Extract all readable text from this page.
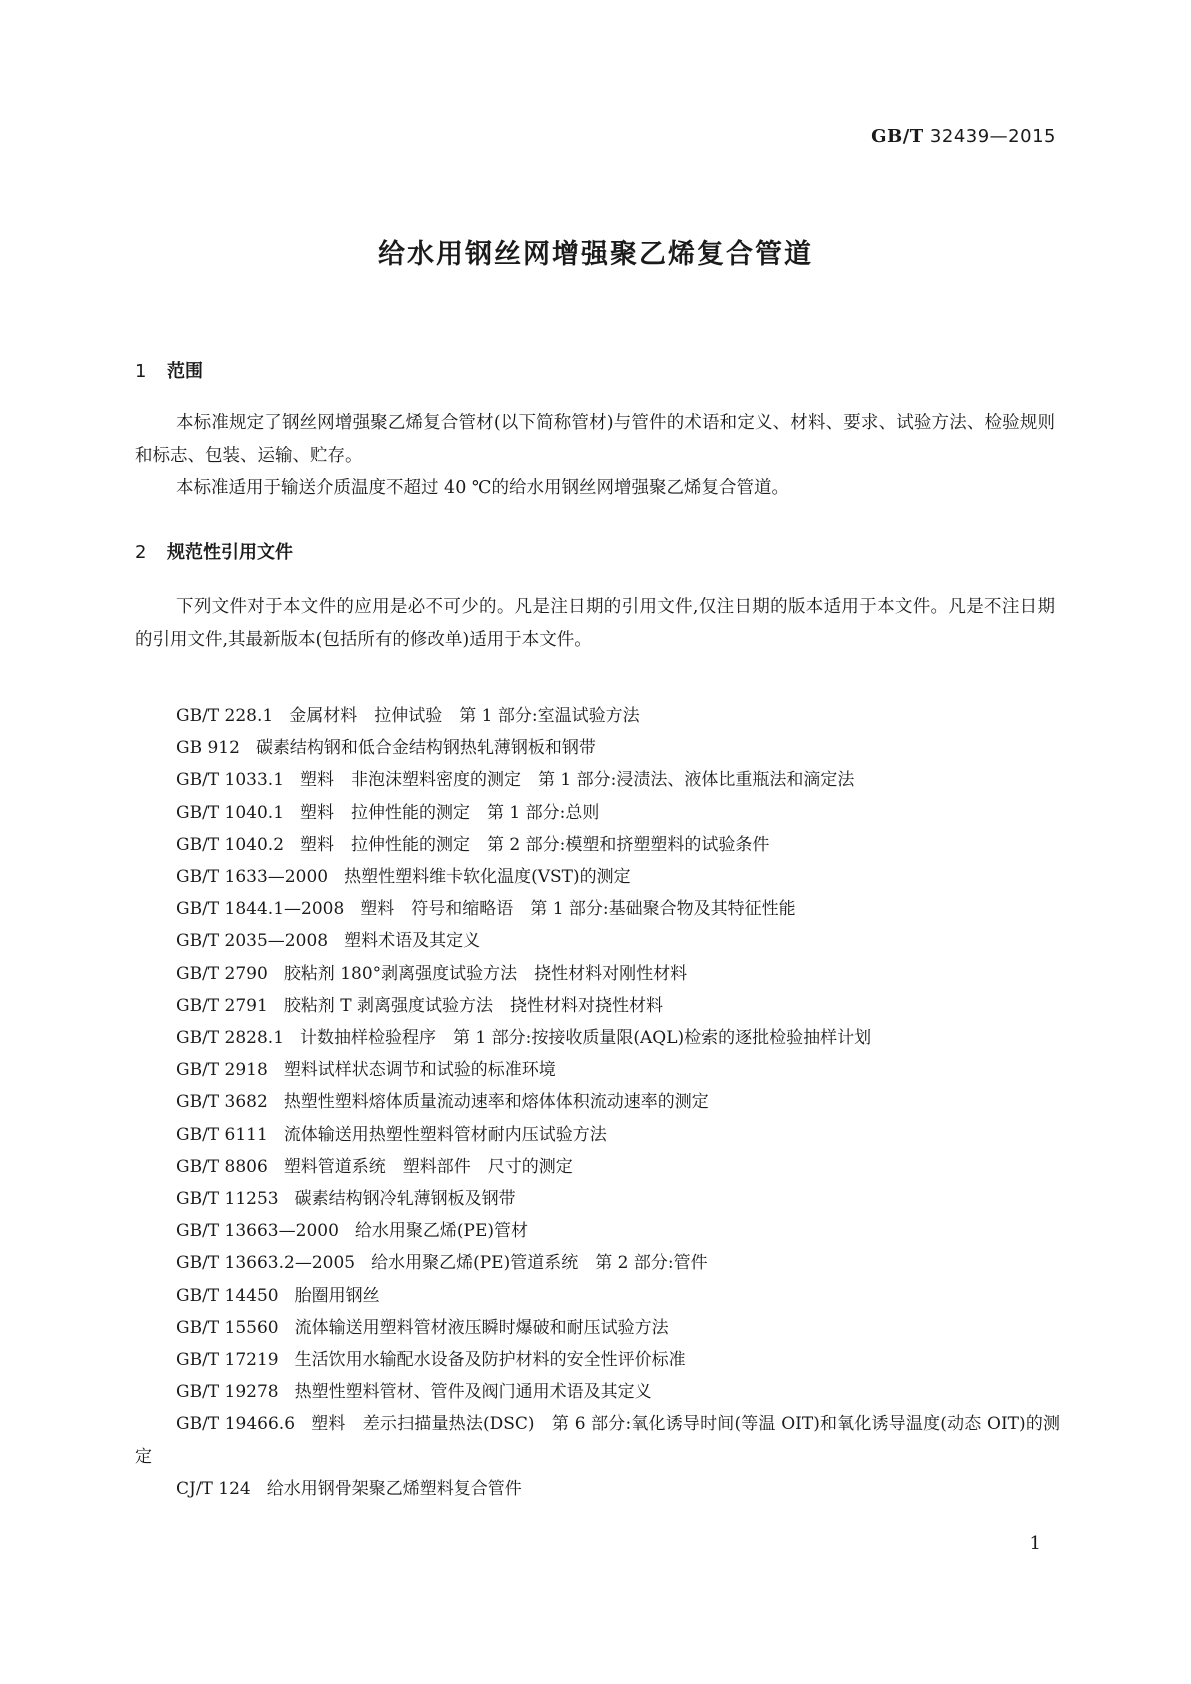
GB/T 32439—2015
给水用钢丝网增强聚乙烯复合管道
1 范围
本标准规定了钢丝网增强聚乙烯复合管材(以下简称管材)与管件的术语和定义、材料、要求、试验方法、检验规则和标志、包装、运输、贮存。
本标准适用于输送介质温度不超过 40 ℃的给水用钢丝网增强聚乙烯复合管道。
2 规范性引用文件
下列文件对于本文件的应用是必不可少的。凡是注日期的引用文件,仅注日期的版本适用于本文件。凡是不注日期的引用文件,其最新版本(包括所有的修改单)适用于本文件。
GB/T 228.1 金属材料　拉伸试验　第 1 部分:室温试验方法
GB 912 碳素结构钢和低合金结构钢热轧薄钢板和钢带
GB/T 1033.1 塑料　非泡沫塑料密度的测定　第 1 部分:浸渍法、液体比重瓶法和滴定法
GB/T 1040.1 塑料　拉伸性能的测定　第 1 部分:总则
GB/T 1040.2 塑料　拉伸性能的测定　第 2 部分:模塑和挤塑塑料的试验条件
GB/T 1633—2000 热塑性塑料维卡软化温度(VST)的测定
GB/T 1844.1—2008 塑料　符号和缩略语　第 1 部分:基础聚合物及其特征性能
GB/T 2035—2008 塑料术语及其定义
GB/T 2790 胶粘剂 180°剥离强度试验方法　挠性材料对刚性材料
GB/T 2791 胶粘剂 T 剥离强度试验方法　挠性材料对挠性材料
GB/T 2828.1 计数抽样检验程序　第 1 部分:按接收质量限(AQL)检索的逐批检验抽样计划
GB/T 2918 塑料试样状态调节和试验的标准环境
GB/T 3682 热塑性塑料熔体质量流动速率和熔体体积流动速率的测定
GB/T 6111 流体输送用热塑性塑料管材耐内压试验方法
GB/T 8806 塑料管道系统　塑料部件　尺寸的测定
GB/T 11253 碳素结构钢冷轧薄钢板及钢带
GB/T 13663—2000 给水用聚乙烯(PE)管材
GB/T 13663.2—2005 给水用聚乙烯(PE)管道系统　第 2 部分:管件
GB/T 14450 胎圈用钢丝
GB/T 15560 流体输送用塑料管材液压瞬时爆破和耐压试验方法
GB/T 17219 生活饮用水输配水设备及防护材料的安全性评价标准
GB/T 19278 热塑性塑料管材、管件及阀门通用术语及其定义
GB/T 19466.6 塑料　差示扫描量热法(DSC)　第 6 部分:氧化诱导时间(等温 OIT)和氧化诱导温度(动态 OIT)的测定
CJ/T 124 给水用钢骨架聚乙烯塑料复合管件
1
